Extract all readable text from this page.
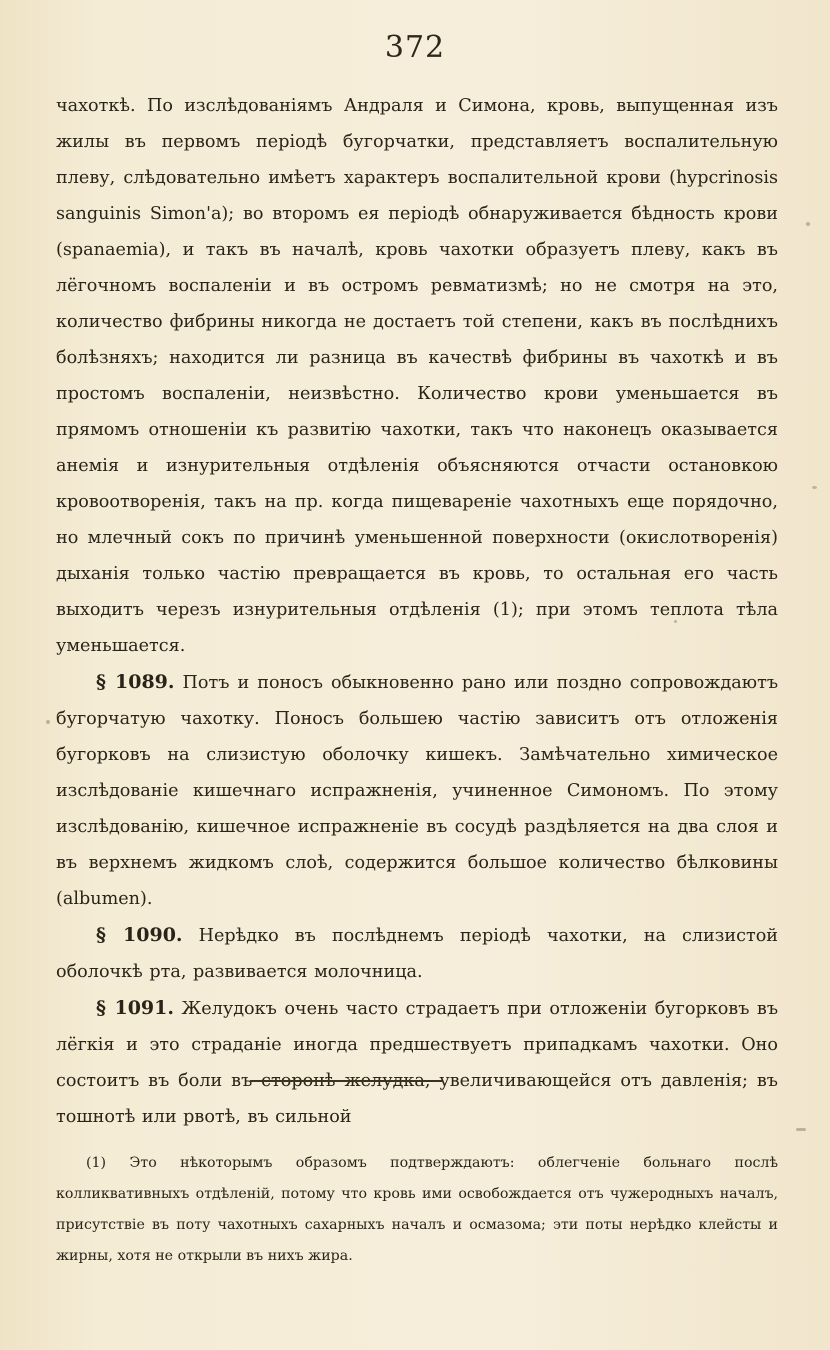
372

чахоткѣ. По изслѣдованіямъ Андраля и Симона, кровь, выпущенная изъ жилы въ первомъ періодѣ бугорчатки, представляетъ воспалительную плеву, слѣдовательно имѣетъ характеръ воспалительной крови (hypcrinosis sanguinis Simon'a); во второмъ ея періодѣ обнаруживается бѣдность крови (spanaemia), и такъ въ началѣ, кровь чахотки образуетъ плеву, какъ въ лёгочномъ воспаленіи и въ остромъ ревматизмѣ; но не смотря на это, количество фибрины никогда не достаетъ той степени, какъ въ послѣднихъ болѣзняхъ; находится ли разница въ качествѣ фибрины въ чахоткѣ и въ простомъ воспаленіи, неизвѣстно. Количество крови уменьшается въ прямомъ отношеніи къ развитію чахотки, такъ что наконецъ оказывается анемія и изнурительныя отдѣленія объясняются отчасти остановкою кровоотворенія, такъ на пр. когда пищевареніе чахотныхъ еще порядочно, но млечный сокъ по причинѣ уменьшенной поверхности (окислотворенія) дыханія только частію превращается въ кровь, то остальная его часть выходитъ черезъ изнурительныя отдѣленія (1); при этомъ теплота тѣла уменьшается.

§ 1089. Потъ и поносъ обыкновенно рано или поздно сопровождаютъ бугорчатую чахотку. Поносъ большею частію зависитъ отъ отложенія бугорковъ на слизистую оболочку кишекъ. Замѣчательно химическое изслѣдованіе кишечнаго испражненія, учиненное Симономъ. По этому изслѣдованію, кишечное испражненіе въ сосудѣ раздѣляется на два слоя и въ верхнемъ жидкомъ слоѣ, содержится большое количество бѣлковины (albumen).

§ 1090. Нерѣдко въ послѣднемъ періодѣ чахотки, на слизистой оболочкѣ рта, развивается молочница.

§ 1091. Желудокъ очень часто страдаетъ при отложеніи бугорковъ въ лёгкія и это страданіе иногда предшествуетъ припадкамъ чахотки. Оно состоитъ въ боли въ сторонѣ желудка, увеличивающейся отъ давленія; въ тошнотѣ или рвотѣ, въ сильной

(1) Это нѣкоторымъ образомъ подтверждаютъ: облегченіе больнаго послѣ колликвативныхъ отдѣленій, потому что кровь ими освобождается отъ чужеродныхъ началъ, присутствіе въ поту чахотныхъ сахарныхъ началъ и осмазома; эти поты нерѣдко клейсты и жирны, хотя не открыли въ нихъ жира.
